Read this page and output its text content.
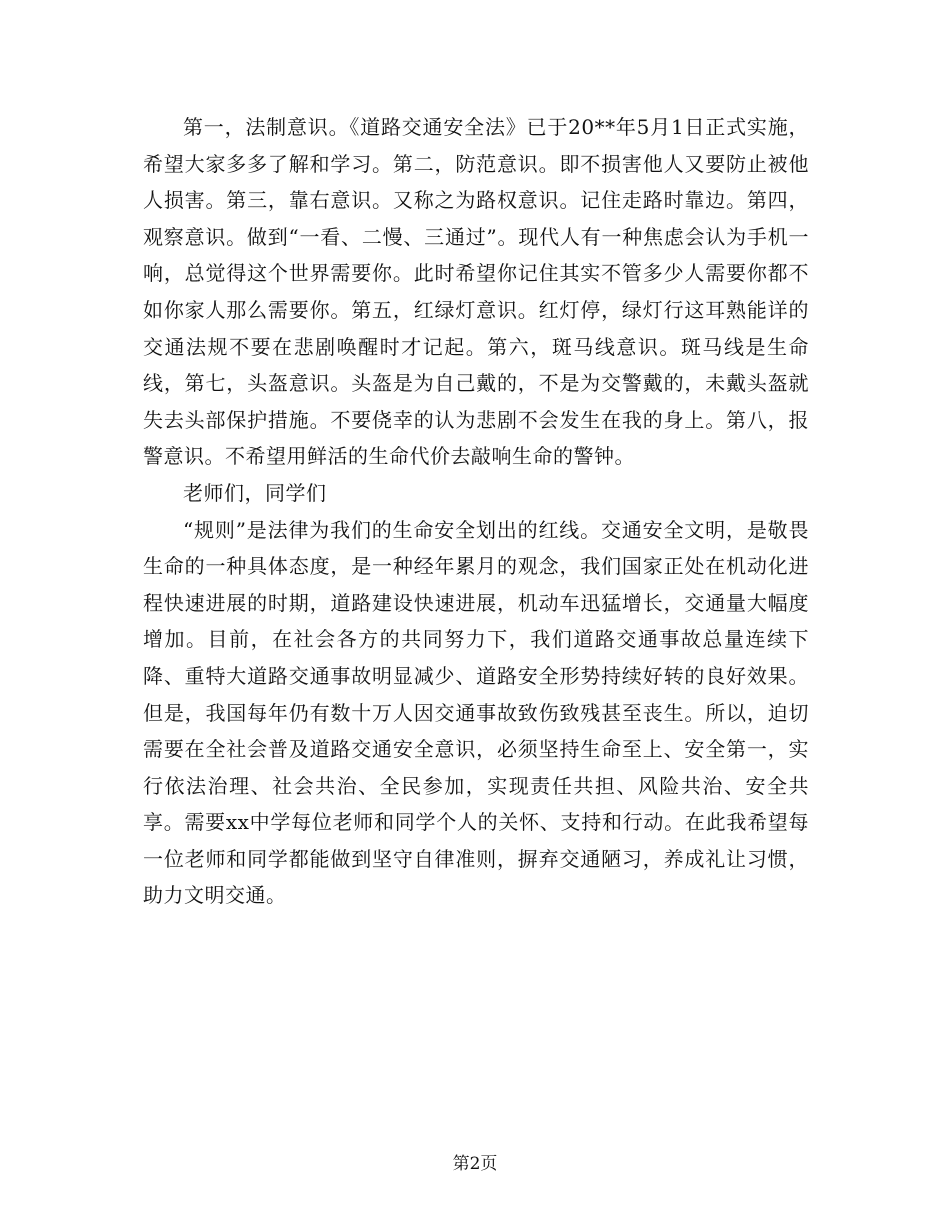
第一，法制意识。《道路交通安全法》已于20**年5月1日正式实施，希望大家多多了解和学习。第二，防范意识。即不损害他人又要防止被他人损害。第三，靠右意识。又称之为路权意识。记住走路时靠边。第四，观察意识。做到“一看、二慢、三通过”。现代人有一种焦虑会认为手机一响，总觉得这个世界需要你。此时希望你记住其实不管多少人需要你都不如你家人那么需要你。第五，红绿灯意识。红灯停，绿灯行这耳熟能详的交通法规不要在悲剧唤醒时才记起。第六，斑马线意识。斑马线是生命线，第七，头盔意识。头盔是为自己戴的，不是为交警戴的，未戴头盔就失去头部保护措施。不要侥幸的认为悲剧不会发生在我的身上。第八，报警意识。不希望用鲜活的生命代价去敲响生命的警钟。

老师们，同学们

“规则”是法律为我们的生命安全划出的红线。交通安全文明，是敬畏生命的一种具体态度，是一种经年累月的观念，我们国家正处在机动化进程快速进展的时期，道路建设快速进展，机动车迅猛增长，交通量大幅度增加。目前，在社会各方的共同努力下，我们道路交通事故总量连续下降、重特大道路交通事故明显减少、道路安全形势持续好转的良好效果。但是，我国每年仍有数十万人因交通事故致伤致残甚至丧生。所以，迫切需要在全社会普及道路交通安全意识，必须坚持生命至上、安全第一，实行依法治理、社会共治、全民参加，实现责任共担、风险共治、安全共享。需要xx中学每位老师和同学个人的关怀、支持和行动。在此我希望每一位老师和同学都能做到坚守自律准则，摒弃交通陋习，养成礼让习惯，助力文明交通。

第2页
